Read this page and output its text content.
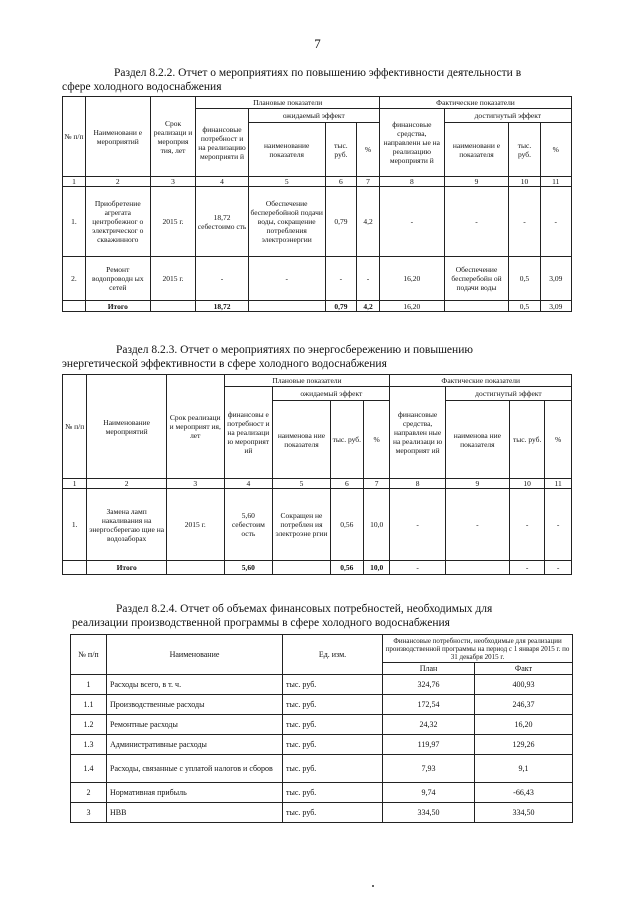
7
Раздел 8.2.2. Отчет о мероприятиях по повышению эффективности деятельности в
сфере холодного водоснабжения
№ п/п	Наименовани е мероприятий	Срок реализаци и мероприя тия, лет	Плановые показатели				Фактические показатели			
			финансовые потребност и на реализацию мероприяти й	ожидаемый эффект			финансовые средства, направленн ые на реализацию мероприяти й	достигнутый эффект		
				наименование показателя	тыс. руб.	%		наименовани е показателя	тыс. руб.	%
1	2	3	4	5	6	7	8	9	10	11
1.	Приобретение агрегата центробежног о электрическог о скважинного	2015 г.	18,72 себестоимо сть	Обеспечение бесперебойной подачи воды, сокращение потребления электроэнергии	0,79	4,2	-	-	-	-
2.	Ремонт водопроводн ых сетей	2015 г.	-	-	-	-	16,20	Обеспечение бесперебойн ой подачи воды	0,5	3,09
	Итого		18,72		0,79	4,2	16,20		0,5	3,09
Раздел 8.2.3. Отчет о мероприятиях по энергосбережению и повышению
энергетической эффективности в сфере холодного водоснабжения
№ п/п	Наименование мероприятий	Срок реализаци и мероприят ия, лет	Плановые показатели				Фактические показатели			
			финансовы е потребност и на реализаци ю мероприят ий	ожидаемый эффект			финансовые средства, направлен ные на реализаци ю мероприят ий	достигнутый эффект		
				наименова ние показателя	тыс. руб.	%		наименова ние показателя	тыс. руб.	%
1	2	3	4	5	6	7	8	9	10	11
1.	Замена ламп накаливания на энергосберегаю щие на водозаборах	2015 г.	5,60 себестоим ость	Сокращен не потреблен ия электроэне ргии	0,56	10,0	-	-	-	-
	Итого		5,60		0,56	10,0	-		-	-
Раздел 8.2.4. Отчет об объемах финансовых потребностей, необходимых для
реализации производственной программы в сфере холодного водоснабжения
№ п/п	Наименование	Ед. изм.	Финансовые потребности, необходимые для реализации производственной программы на период с 1 января 2015 г. по 31 декабря 2015 г.	
			План	Факт
1	Расходы всего, в т. ч.	тыс. руб.	324,76	400,93
1.1	Производственные расходы	тыс. руб.	172,54	246,37
1.2	Ремонтные расходы	тыс. руб.	24,32	16,20
1.3	Административные расходы	тыс. руб.	119,97	129,26
1.4	Расходы, связанные с уплатой налогов и сборов	тыс. руб.	7,93	9,1
2	Нормативная прибыль	тыс. руб.	9,74	-66,43
3	НВВ	тыс. руб.	334,50	334,50
